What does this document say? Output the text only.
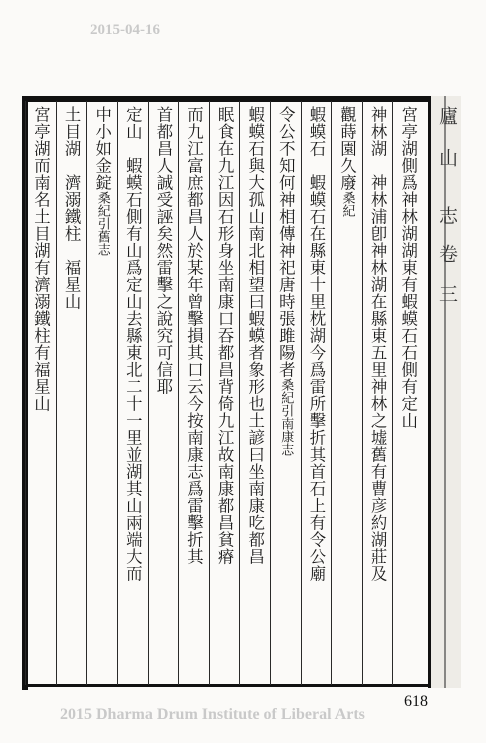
2015-04-16
廬
山
志
卷
三
宮亭湖側爲神林湖湖東有蝦蟆石石側有定山
神林湖　神林浦卽神林湖在縣東五里神林之墟舊有曹彦約湖莊及
觀蒔園久廢桑紀
蝦蟆石　蝦蟆石在縣東十里枕湖今爲雷所擊折其首石上有令公廟
令公不知何神相傳神祀唐時張雎陽者桑紀引南康志
蝦蟆石與大孤山南北相望曰蝦蟆者象形也土諺曰坐南康吃都昌
眠食在九江因石形身坐南康口吞都昌背倚九江故南康都昌貧瘠
而九江富庶都昌人於某年曾擊損其口云今按南康志爲雷擊折其
首都昌人誠受誣矣然雷擊之說究可信耶
定山　蝦蟆石側有山爲定山去縣東北二十一里並湖其山兩端大而
中小如金錠桑紀引舊志
土目湖　濟溺鐵柱　福星山
宮亭湖而南名土目湖有濟溺鐵柱有福星山
618
2015 Dharma Drum Institute of Liberal Arts
